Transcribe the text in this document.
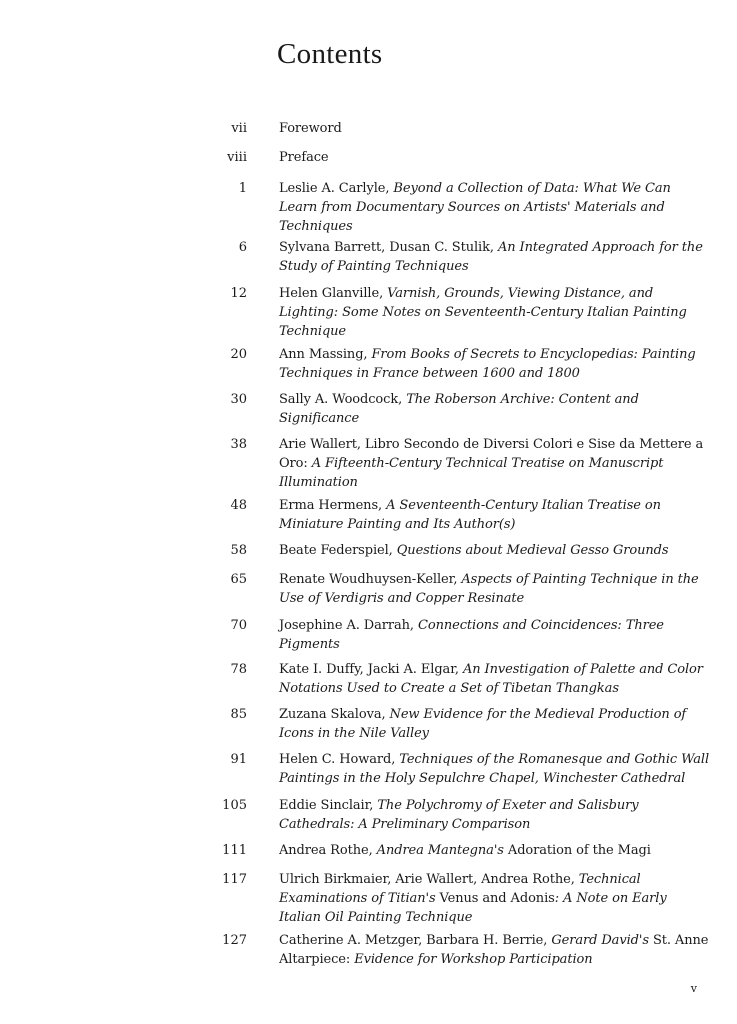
Contents
vii Foreword
viii Preface
1 Leslie A. Carlyle, Beyond a Collection of Data: What We Can Learn from Documentary Sources on Artists' Materials and Techniques
6 Sylvana Barrett, Dusan C. Stulik, An Integrated Approach for the Study of Painting Techniques
12 Helen Glanville, Varnish, Grounds, Viewing Distance, and Lighting: Some Notes on Seventeenth-Century Italian Painting Technique
20 Ann Massing, From Books of Secrets to Encyclopedias: Painting Techniques in France between 1600 and 1800
30 Sally A. Woodcock, The Roberson Archive: Content and Significance
38 Arie Wallert, Libro Secondo de Diversi Colori e Sise da Mettere a Oro: A Fifteenth-Century Technical Treatise on Manuscript Illumination
48 Erma Hermens, A Seventeenth-Century Italian Treatise on Miniature Painting and Its Author(s)
58 Beate Federspiel, Questions about Medieval Gesso Grounds
65 Renate Woudhuysen-Keller, Aspects of Painting Technique in the Use of Verdigris and Copper Resinate
70 Josephine A. Darrah, Connections and Coincidences: Three Pigments
78 Kate I. Duffy, Jacki A. Elgar, An Investigation of Palette and Color Notations Used to Create a Set of Tibetan Thangkas
85 Zuzana Skalova, New Evidence for the Medieval Production of Icons in the Nile Valley
91 Helen C. Howard, Techniques of the Romanesque and Gothic Wall Paintings in the Holy Sepulchre Chapel, Winchester Cathedral
105 Eddie Sinclair, The Polychromy of Exeter and Salisbury Cathedrals: A Preliminary Comparison
111 Andrea Rothe, Andrea Mantegna's Adoration of the Magi
117 Ulrich Birkmaier, Arie Wallert, Andrea Rothe, Technical Examinations of Titian's Venus and Adonis: A Note on Early Italian Oil Painting Technique
127 Catherine A. Metzger, Barbara H. Berrie, Gerard David's St. Anne Altarpiece: Evidence for Workshop Participation
v
